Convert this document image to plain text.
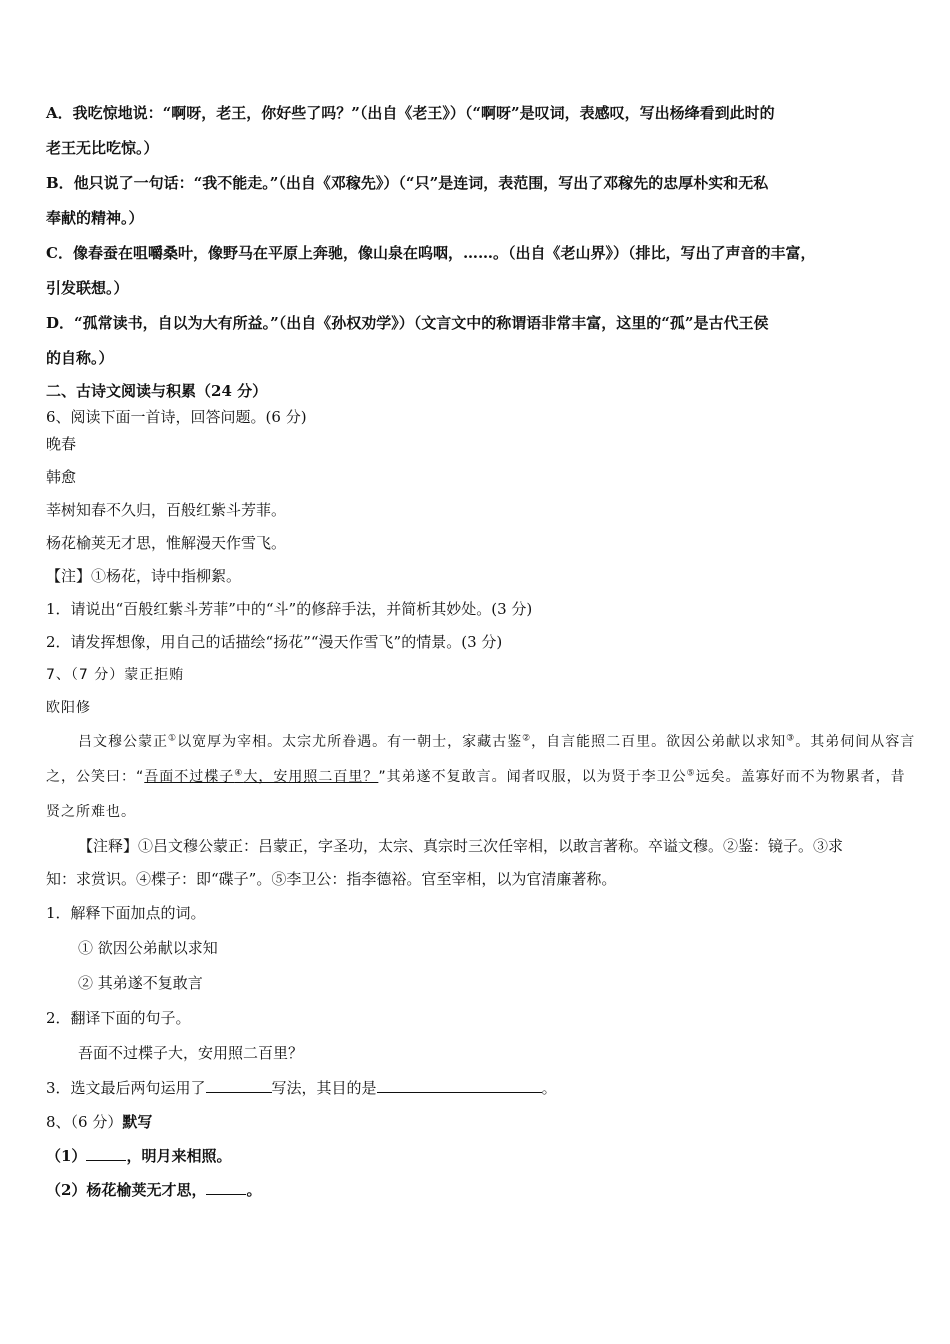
A．我吃惊地说：“啊呀，老王，你好些了吗？”（出自《老王》）（“啊呀”是叹词，表感叹，写出杨绛看到此时的
老王无比吃惊。）
B．他只说了一句话：“我不能走。”（出自《邓稼先》）（“只”是连词，表范围，写出了邓稼先的忠厚朴实和无私
奉献的精神。）
C．像春蚕在咀嚼桑叶，像野马在平原上奔驰，像山泉在呜咽，……。（出自《老山界》）（排比，写出了声音的丰富，
引发联想。）
D．“孤常读书，自以为大有所益。”（出自《孙权劝学》）（文言文中的称谓语非常丰富，这里的“孤”是古代王侯
的自称。）
二、古诗文阅读与积累（24 分）
6、阅读下面一首诗，回答问题。(6 分)
晚春
韩愈
莘树知春不久归，百般红紫斗芳菲。
杨花榆荚无才思，惟解漫天作雪飞。
【注】①杨花，诗中指柳絮。
1．请说出“百般红紫斗芳菲”中的“斗”的修辞手法，并简析其妙处。(3 分)
2．请发挥想像，用自己的话描绘“扬花”“漫天作雪飞”的情景。(3 分)
7、（7 分）蒙正拒贿
欧阳修
吕文穆公蒙正①以宽厚为宰相。太宗尤所眷遇。有一朝士，家藏古鉴②，自言能照二百里。欲因公弟献以求知③。其弟伺间从容言之，公笑曰：“吾面不过楪子④大，安用照二百里？”其弟遂不复敢言。闻者叹服，以为贤于李卫公⑤远矣。盖寡好而不为物累者，昔贤之所难也。
【注释】①吕文穆公蒙正：吕蒙正，字圣功，太宗、真宗时三次任宰相，以敢言著称。卒谥文穆。②鉴：镜子。③求
知：求赏识。④楪子：即“碟子”。⑤李卫公：指李德裕。官至宰相，以为官清廉著称。
1．解释下面加点的词。
① 欲因公弟献以求知
② 其弟遂不复敢言
2．翻译下面的句子。
吾面不过楪子大，安用照二百里？
3．选文最后两句运用了	写法，其目的是	。
8、（6 分）默写
（1）	，明月来相照。
（2）杨花榆荚无才思，	。
